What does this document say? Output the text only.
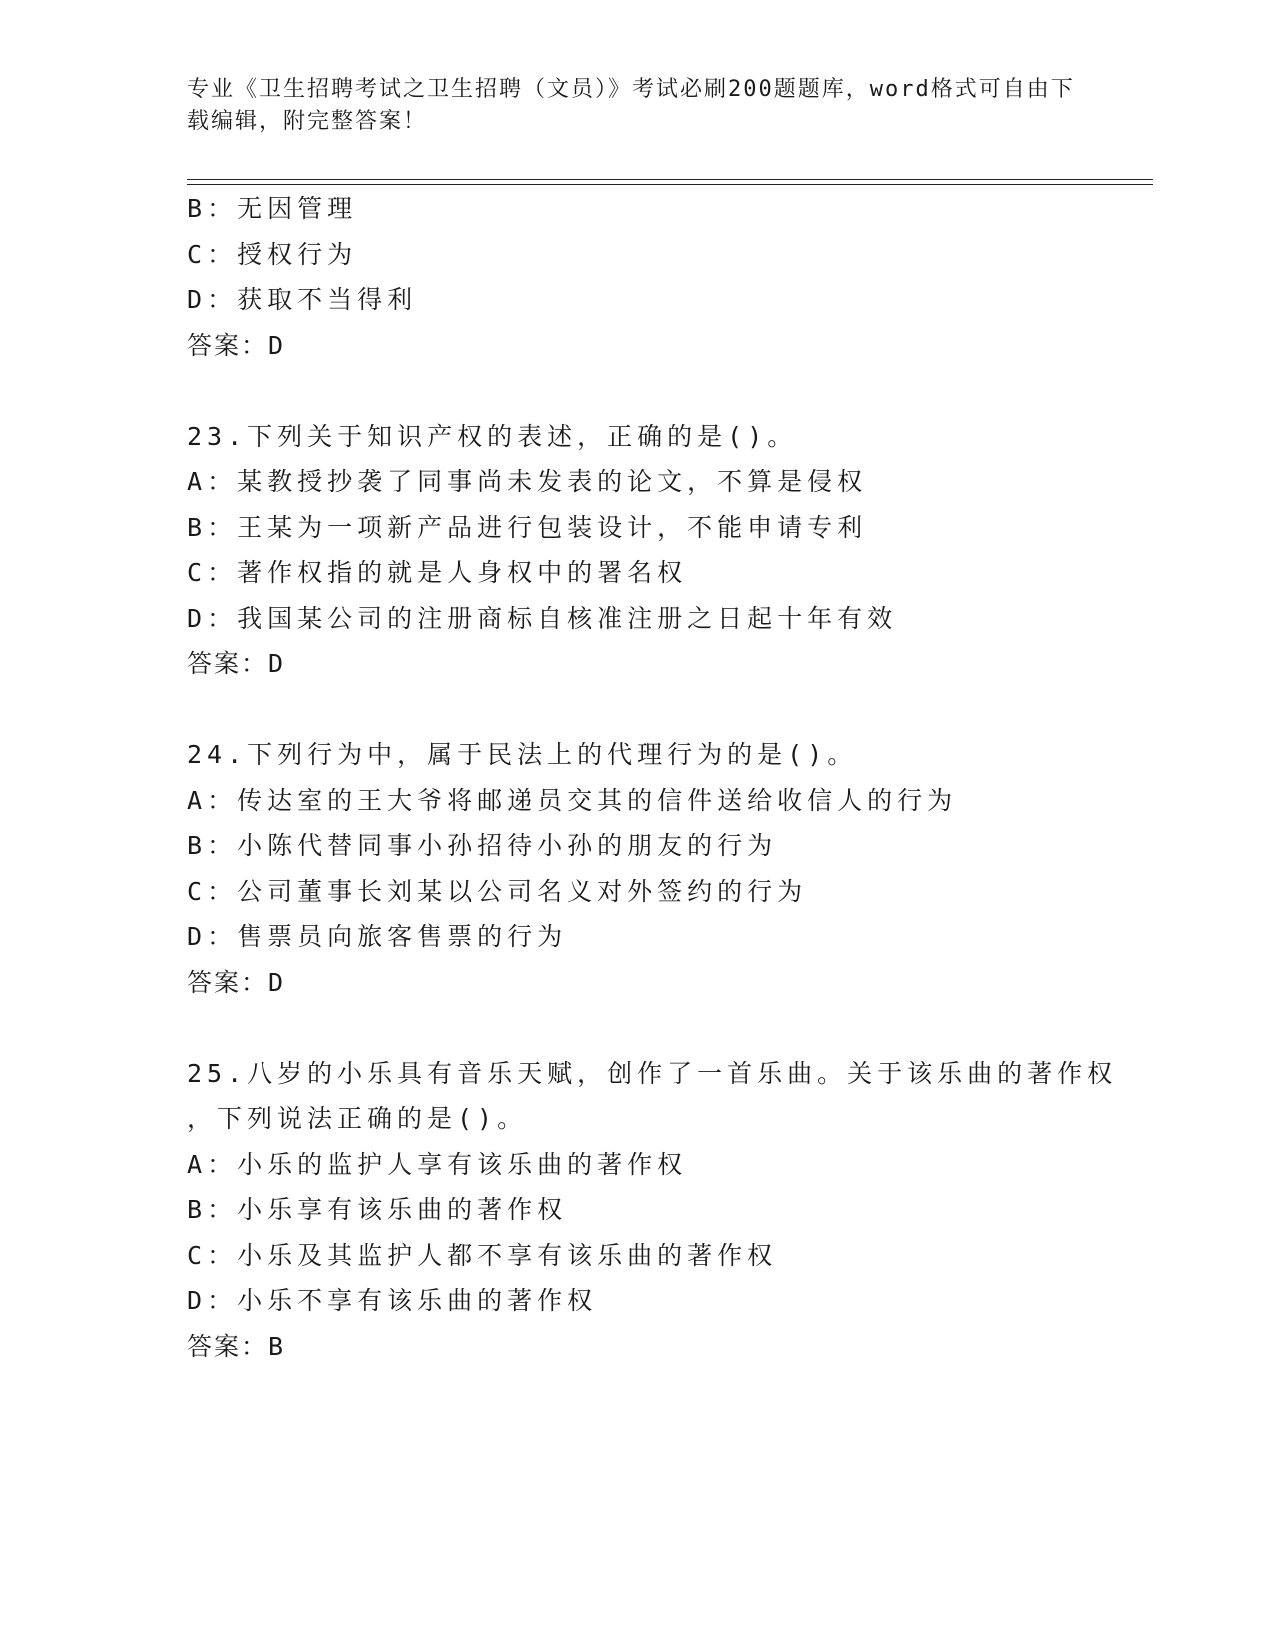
专业《卫生招聘考试之卫生招聘（文员）》考试必刷200题题库，word格式可自由下载编辑，附完整答案！
B：无因管理
C：授权行为
D：获取不当得利
答案：D
23.下列关于知识产权的表述，正确的是()。
A：某教授抄袭了同事尚未发表的论文，不算是侵权
B：王某为一项新产品进行包装设计，不能申请专利
C：著作权指的就是人身权中的署名权
D：我国某公司的注册商标自核准注册之日起十年有效
答案：D
24.下列行为中，属于民法上的代理行为的是()。
A：传达室的王大爷将邮递员交其的信件送给收信人的行为
B：小陈代替同事小孙招待小孙的朋友的行为
C：公司董事长刘某以公司名义对外签约的行为
D：售票员向旅客售票的行为
答案：D
25.八岁的小乐具有音乐天赋，创作了一首乐曲。关于该乐曲的著作权
，下列说法正确的是()。
A：小乐的监护人享有该乐曲的著作权
B：小乐享有该乐曲的著作权
C：小乐及其监护人都不享有该乐曲的著作权
D：小乐不享有该乐曲的著作权
答案：B
